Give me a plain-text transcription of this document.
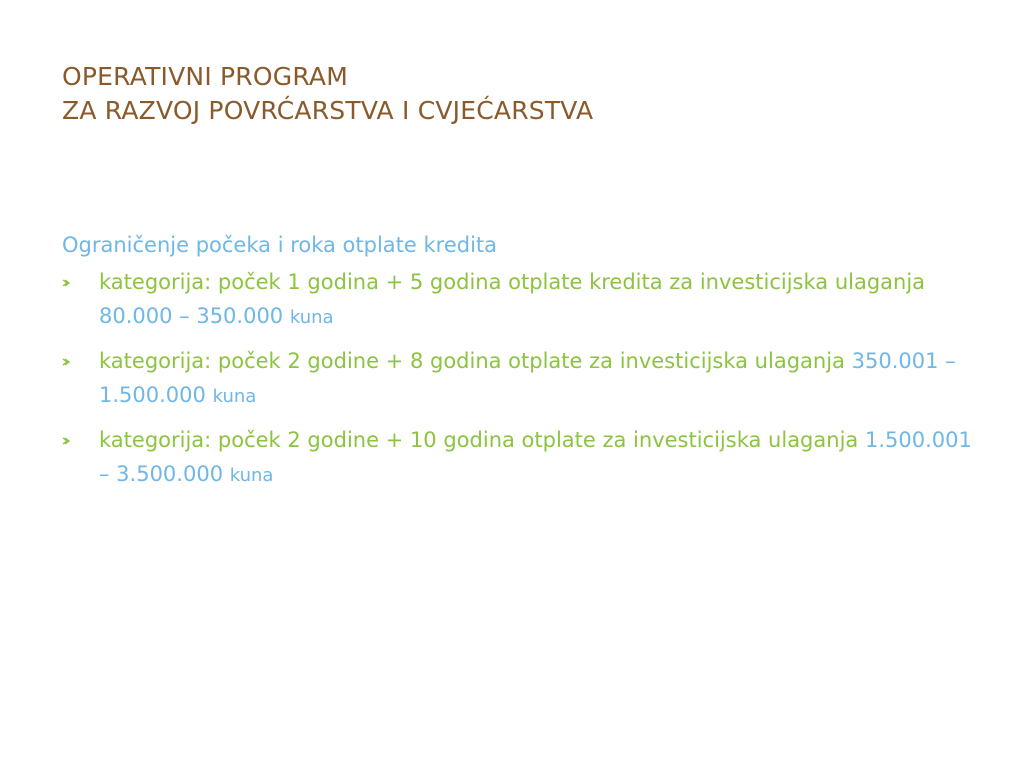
OPERATIVNI PROGRAM
ZA RAZVOJ POVRĆARSTVA I CVJEĆARSTVA
Ograničenje počeka i roka otplate kredita
kategorija: poček 1 godina + 5 godina otplate kredita za investicijska ulaganja 80.000 – 350.000 kuna
kategorija: poček 2 godine + 8 godina otplate za investicijska ulaganja 350.001 – 1.500.000 kuna
kategorija: poček 2 godine + 10 godina otplate za investicijska ulaganja 1.500.001 – 3.500.000 kuna
